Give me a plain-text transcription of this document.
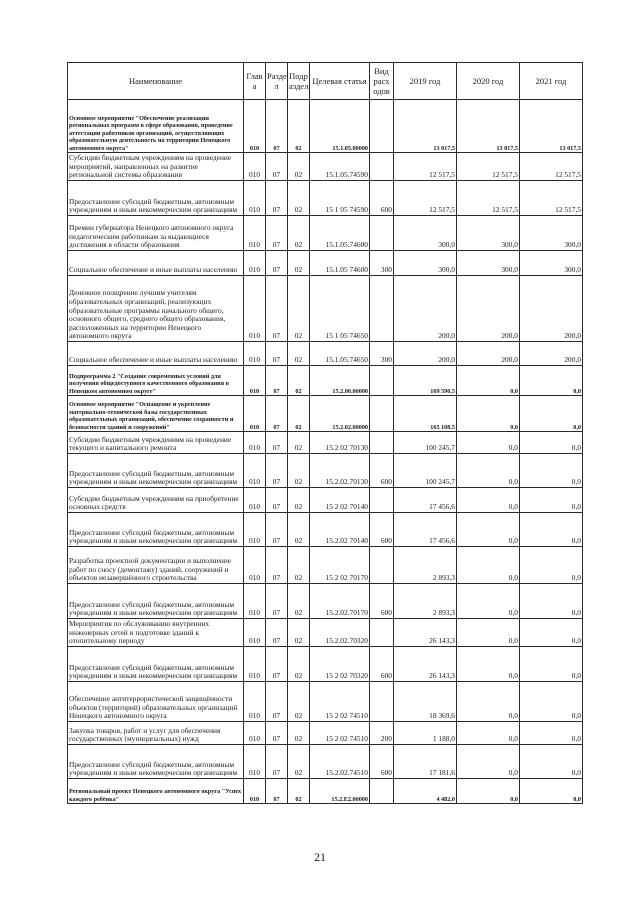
Наименование	Глав а	Разде л	Подр аздел	Целевая статья	Вид расх одов	2019 год	2020 год	2021 год
Основное мероприятие "Обеспечение реализации региональных программ в сфере образования, проведение аттестации работников организаций, осуществляющих образовательную деятельность на территории Ненецкого автономного округа"	010	07	02	15.1.05.00000		13 017,5	13 017,5	13 017,5
Субсидии бюджетным учреждениям на проведение мероприятий, направленных на развитие региональной системы образования	010	07	02	15.1.05.74590		12 517,5	12 517,5	12 517,5
Предоставление субсидий бюджетным, автономным учреждениям и иным некоммерческим организациям	010	07	02	15 1 05 74590	600	12 517,5	12 517,5	12 517,5
Премии губернатора Ненецкого автономного округа педагогическим работникам за выдающиеся достижения в области образования	010	07	02	15.1.05.74600		300,0	300,0	300,0
Социальное обеспечение и иные выплаты населению	010	07	02	15.1.05 74600	300	300,0	300,0	300,0
Денежное поощрение лучшим учителям образовательных организаций, реализующих образовательные программы начального общего, основного общего, среднего общего образования, расположенных на территории Ненецкого автономного округа	010	07	02	15 1 05 74650		200,0	200,0	200,0
Социальное обеспечение и иные выплаты населению	010	07	02	15.1.05.74650	300	200,0	200,0	200,0
Подпрограмма 2 "Создание современных условий для получения общедоступного качественного образования в Ненецком автономном округе"	010	07	02	15.2.00.00000		169 590,5	0,0	0,0
Основное мероприятие "Оснащение и укрепление материально-технической базы государственных образовательных организаций, обеспечение сохранности и безопасности зданий и сооружений"	010	07	02	15.2.02.00000		165 108,5	0,0	0,0
Субсидии бюджетным учреждениям на проведение текущего и капитального ремонта	010	07	02	15.2 02 70130		100 245,7	0,0	0,0
Предоставление субсидий бюджетным, автономным учреждениям и иным некоммерческим организациям	010	07	02	15.2.02.70130	600	100 245,7	0,0	0,0
Субсидии бюджетным учреждениям на приобретение основных средств	010	07	02	15 2 02 70140		17 456,6	0,0	0,0
Предоставление субсидий бюджетным, автономным учреждениям и иным некоммерческим организациям	010	07	02	15.2.02 70140	600	17 456,6	0,0	0,0
Разработка проектной документации и выполнение работ по сносу (демонтажу) зданий, сооружений и объектов незавершённого строительства	010	07	02	15 2 02 70170		2 893,3	0,0	0,0
Предоставление субсидий бюджетным, автономным учреждениям и иным некоммерческим организациям	010	07	02	15.2.02.70170	600	2 893,3	0,0	0,0
Мероприятия по обслуживанию внутренних инженерных сетей и подготовке зданий к отопительному периоду	010	07	02	15.2.02.70320		26 143,3	0,0	0,0
Предоставление субсидий бюджетным, автономным учреждениям и иным некоммерческим организациям	010	07	02	15 2 02 70320	600	26 143,3	0,0	0,0
Обеспечение антитеррористической защищённости объектов (территорий) образовательных организаций Ненецкого автономного округа	010	07	02	15 2 02 74510		18 369,6	0,0	0,0
Закупка товаров, работ и услуг для обеспечения государственных (муниципальных) нужд	010	07	02	15 2 02 74510	200	1 188,0	0,0	0,0
Предоставление субсидий бюджетным, автономным учреждениям и иным некоммерческим организациям	010	07	02	15.2.02.74510	600	17 181,6	0,0	0,0
Региональный проект Ненецкого автономного округа "Успех каждого ребёнка"	010	07	02	15.2.Е2.00000		4 482,0	0,0	0,0
21
